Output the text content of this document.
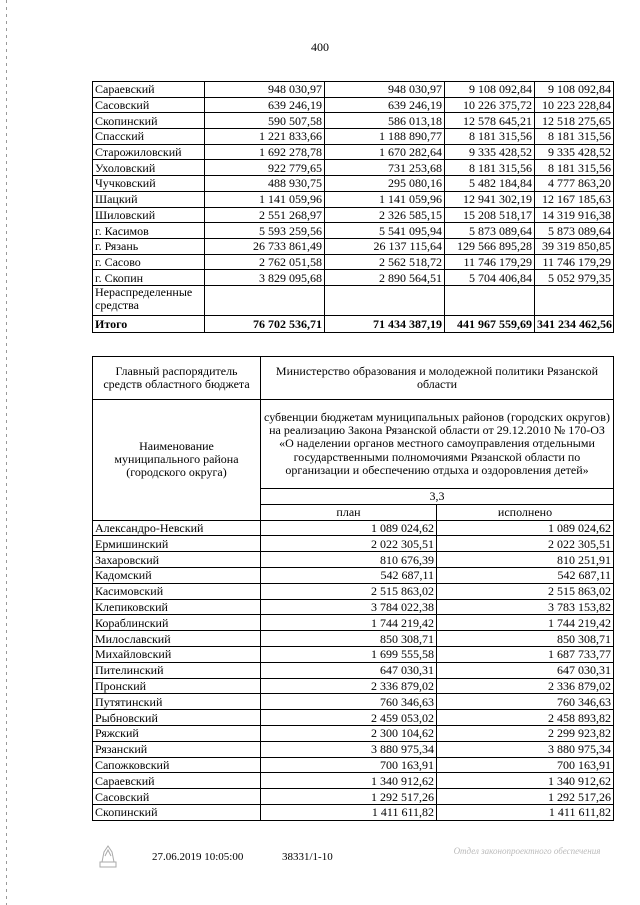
400
Сараевский	948 030,97	948 030,97	9 108 092,84	9 108 092,84
Сасовский	639 246,19	639 246,19	10 226 375,72	10 223 228,84
Скопинский	590 507,58	586 013,18	12 578 645,21	12 518 275,65
Спасский	1 221 833,66	1 188 890,77	8 181 315,56	8 181 315,56
Старожиловский	1 692 278,78	1 670 282,64	9 335 428,52	9 335 428,52
Ухоловский	922 779,65	731 253,68	8 181 315,56	8 181 315,56
Чучковский	488 930,75	295 080,16	5 482 184,84	4 777 863,20
Шацкий	1 141 059,96	1 141 059,96	12 941 302,19	12 167 185,63
Шиловский	2 551 268,97	2 326 585,15	15 208 518,17	14 319 916,38
г. Касимов	5 593 259,56	5 541 095,94	5 873 089,64	5 873 089,64
г. Рязань	26 733 861,49	26 137 115,64	129 566 895,28	39 319 850,85
г. Сасово	2 762 051,58	2 562 518,72	11 746 179,29	11 746 179,29
г. Скопин	3 829 095,68	2 890 564,51	5 704 406,84	5 052 979,35
Нераспределенные средства				
Итого	76 702 536,71	71 434 387,19	441 967 559,69	341 234 462,56
Главный распорядитель средств областного бюджета	Министерство образования и молодежной политики Рязанской области	
Наименование муниципального района (городского округа)	субвенции бюджетам муниципальных районов (городских округов) на реализацию Закона Рязанской области от 29.12.2010 № 170-ОЗ «О наделении органов местного самоуправления отдельными государственными полномочиями Рязанской области по организации и обеспечению отдыха и оздоровления детей»	
	3,3	
	план	исполнено
Александро-Невский	1 089 024,62	1 089 024,62
Ермишинский	2 022 305,51	2 022 305,51
Захаровский	810 676,39	810 251,91
Кадомский	542 687,11	542 687,11
Касимовский	2 515 863,02	2 515 863,02
Клепиковский	3 784 022,38	3 783 153,82
Кораблинский	1 744 219,42	1 744 219,42
Милославский	850 308,71	850 308,71
Михайловский	1 699 555,58	1 687 733,77
Пителинский	647 030,31	647 030,31
Пронский	2 336 879,02	2 336 879,02
Путятинский	760 346,63	760 346,63
Рыбновский	2 459 053,02	2 458 893,82
Ряжский	2 300 104,62	2 299 923,82
Рязанский	3 880 975,34	3 880 975,34
Сапожковский	700 163,91	700 163,91
Сараевский	1 340 912,62	1 340 912,62
Сасовский	1 292 517,26	1 292 517,26
Скопинский	1 411 611,82	1 411 611,82
27.06.2019 10:05:00	38331/1-10	Отдел законопроектного обеспечения
